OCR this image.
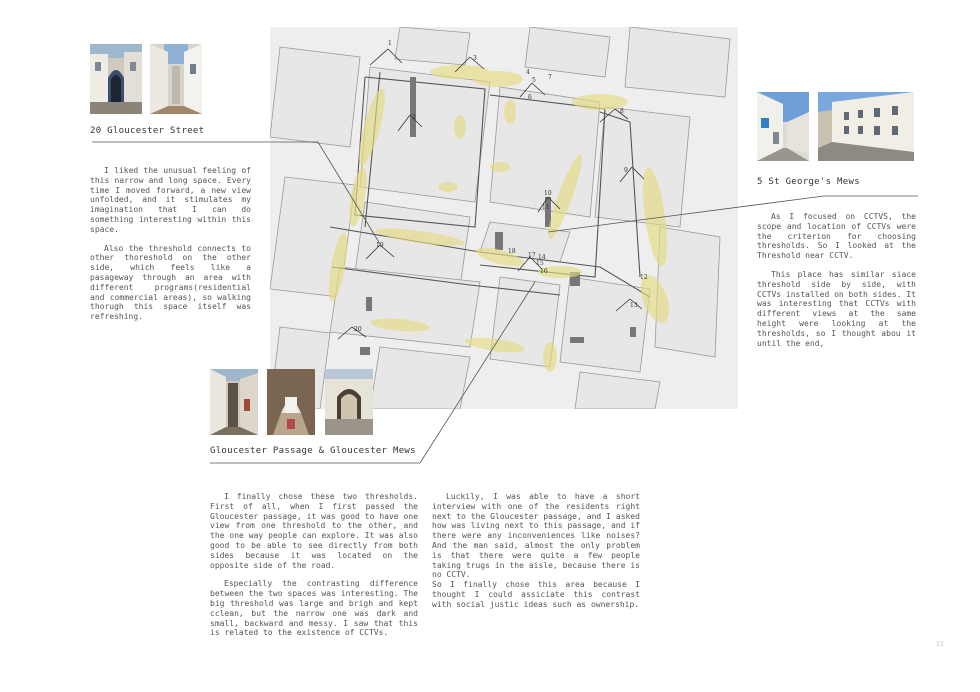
20 Gloucester Street

I liked the unusual feeling of this narrow and long space. Every time I moved forward, a new view unfolded, and it stimulates my imagination that I can do something interesting within this space.

Also the threshold connects to other thoreshold on the other side, which feels like a pasageway through an area with different programs(residential and commercial areas), so walking thorugh this space itself was refreshing.

1
2
3
4
5
6
7
8
9
10
11
12
13
14
15
16
17
18
19
20
5 St George's Mews

As I focused on CCTVS, the scope and location of CCTVs were the criterion for choosing thresholds. So I looked at the Threshold near CCTV.

This place has similar siace threshold side by side, with CCTVs installed on both sides. It was interesting that CCTVs with different views at the same height were looking at the thresholds, so I thought abou it until the end,

Gloucester Passage & Gloucester Mews

I finally chose these two thresholds. First of all, when I first passed the Gloucester passage, it was good to have one view from one threshold to the other, and the one way people can explore. It was also good to be able to see directly from both sides because it was located on the opposite side of the road.

Especially the contrasting difference between the two spaces was interesting. The big threshold was large and brigh and kept cclean, but the narrow one was dark and small, backward and messy. I saw that this is related to the existence of CCTVs.

Luckily, I was able to have a short interview with one of the residents right next to the Gloucester passage, and I asked how was living next to this passage, and if there were any inconveniences like noises? And the man said, almost the only problem is that there were quite a few people taking trugs in the aisle, because there is no CCTV.

So I finally chose this area because I thought I could assiciate this contrast with social justic ideas such as ownership.

11
